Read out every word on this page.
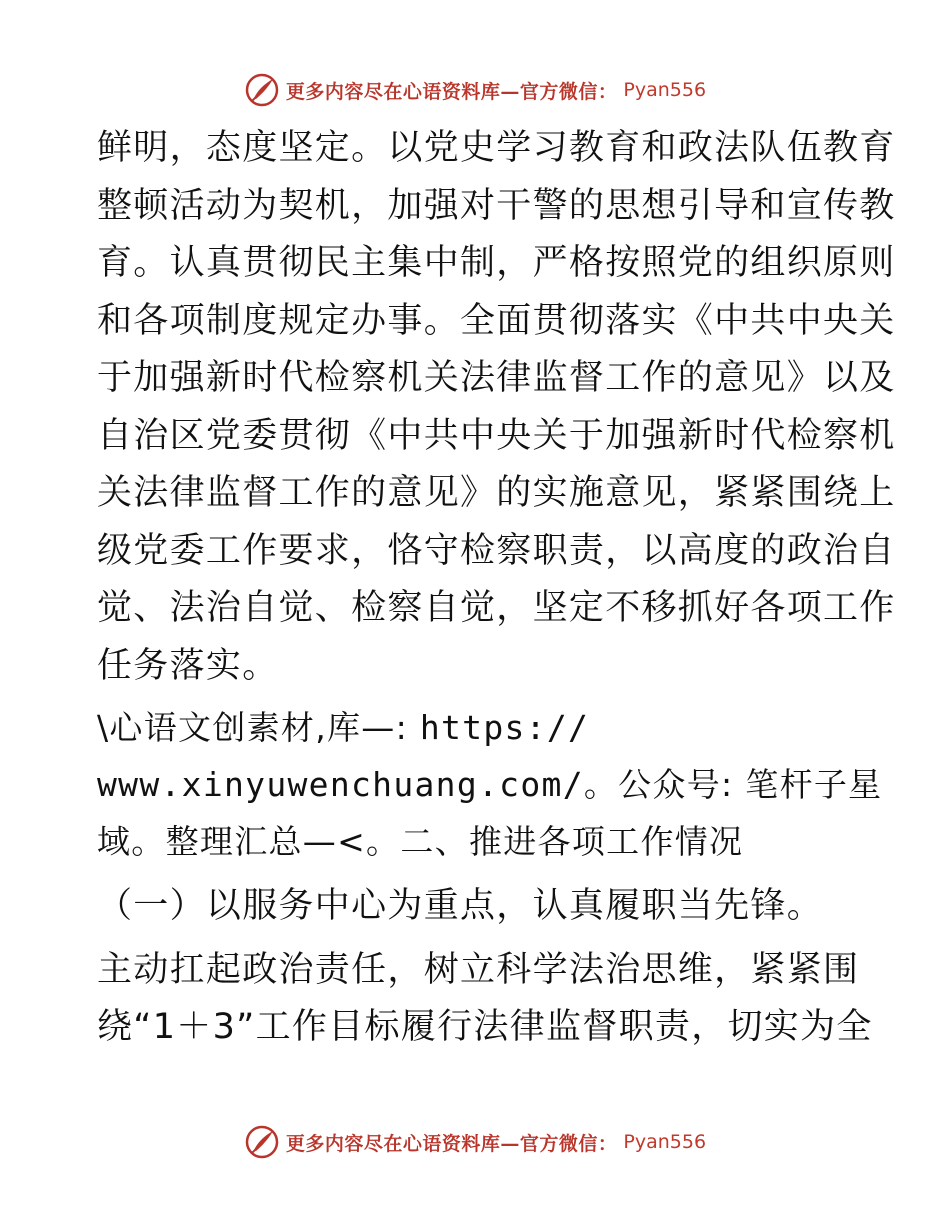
更多内容尽在心语资料库—官方微信： Pyan556
鲜明，态度坚定。以党史学习教育和政法队伍教育
整顿活动为契机，加强对干警的思想引导和宣传教
育。认真贯彻民主集中制，严格按照党的组织原则
和各项制度规定办事。全面贯彻落实《中共中央关
于加强新时代检察机关法律监督工作的意见》以及
自治区党委贯彻《中共中央关于加强新时代检察机
关法律监督工作的意见》的实施意见，紧紧围绕上
级党委工作要求，恪守检察职责，以高度的政治自
觉、法治自觉、检察自觉，坚定不移抓好各项工作
任务落实。
\心语文创素材,库—: https://
www.xinyuwenchuang.com/。公众号: 笔杆子星
域。整理汇总—<。二、推进各项工作情况
（一）以服务中心为重点，认真履职当先锋。
主动扛起政治责任，树立科学法治思维，紧紧围
绕“1＋3”工作目标履行法律监督职责，切实为全
更多内容尽在心语资料库—官方微信： Pyan556
